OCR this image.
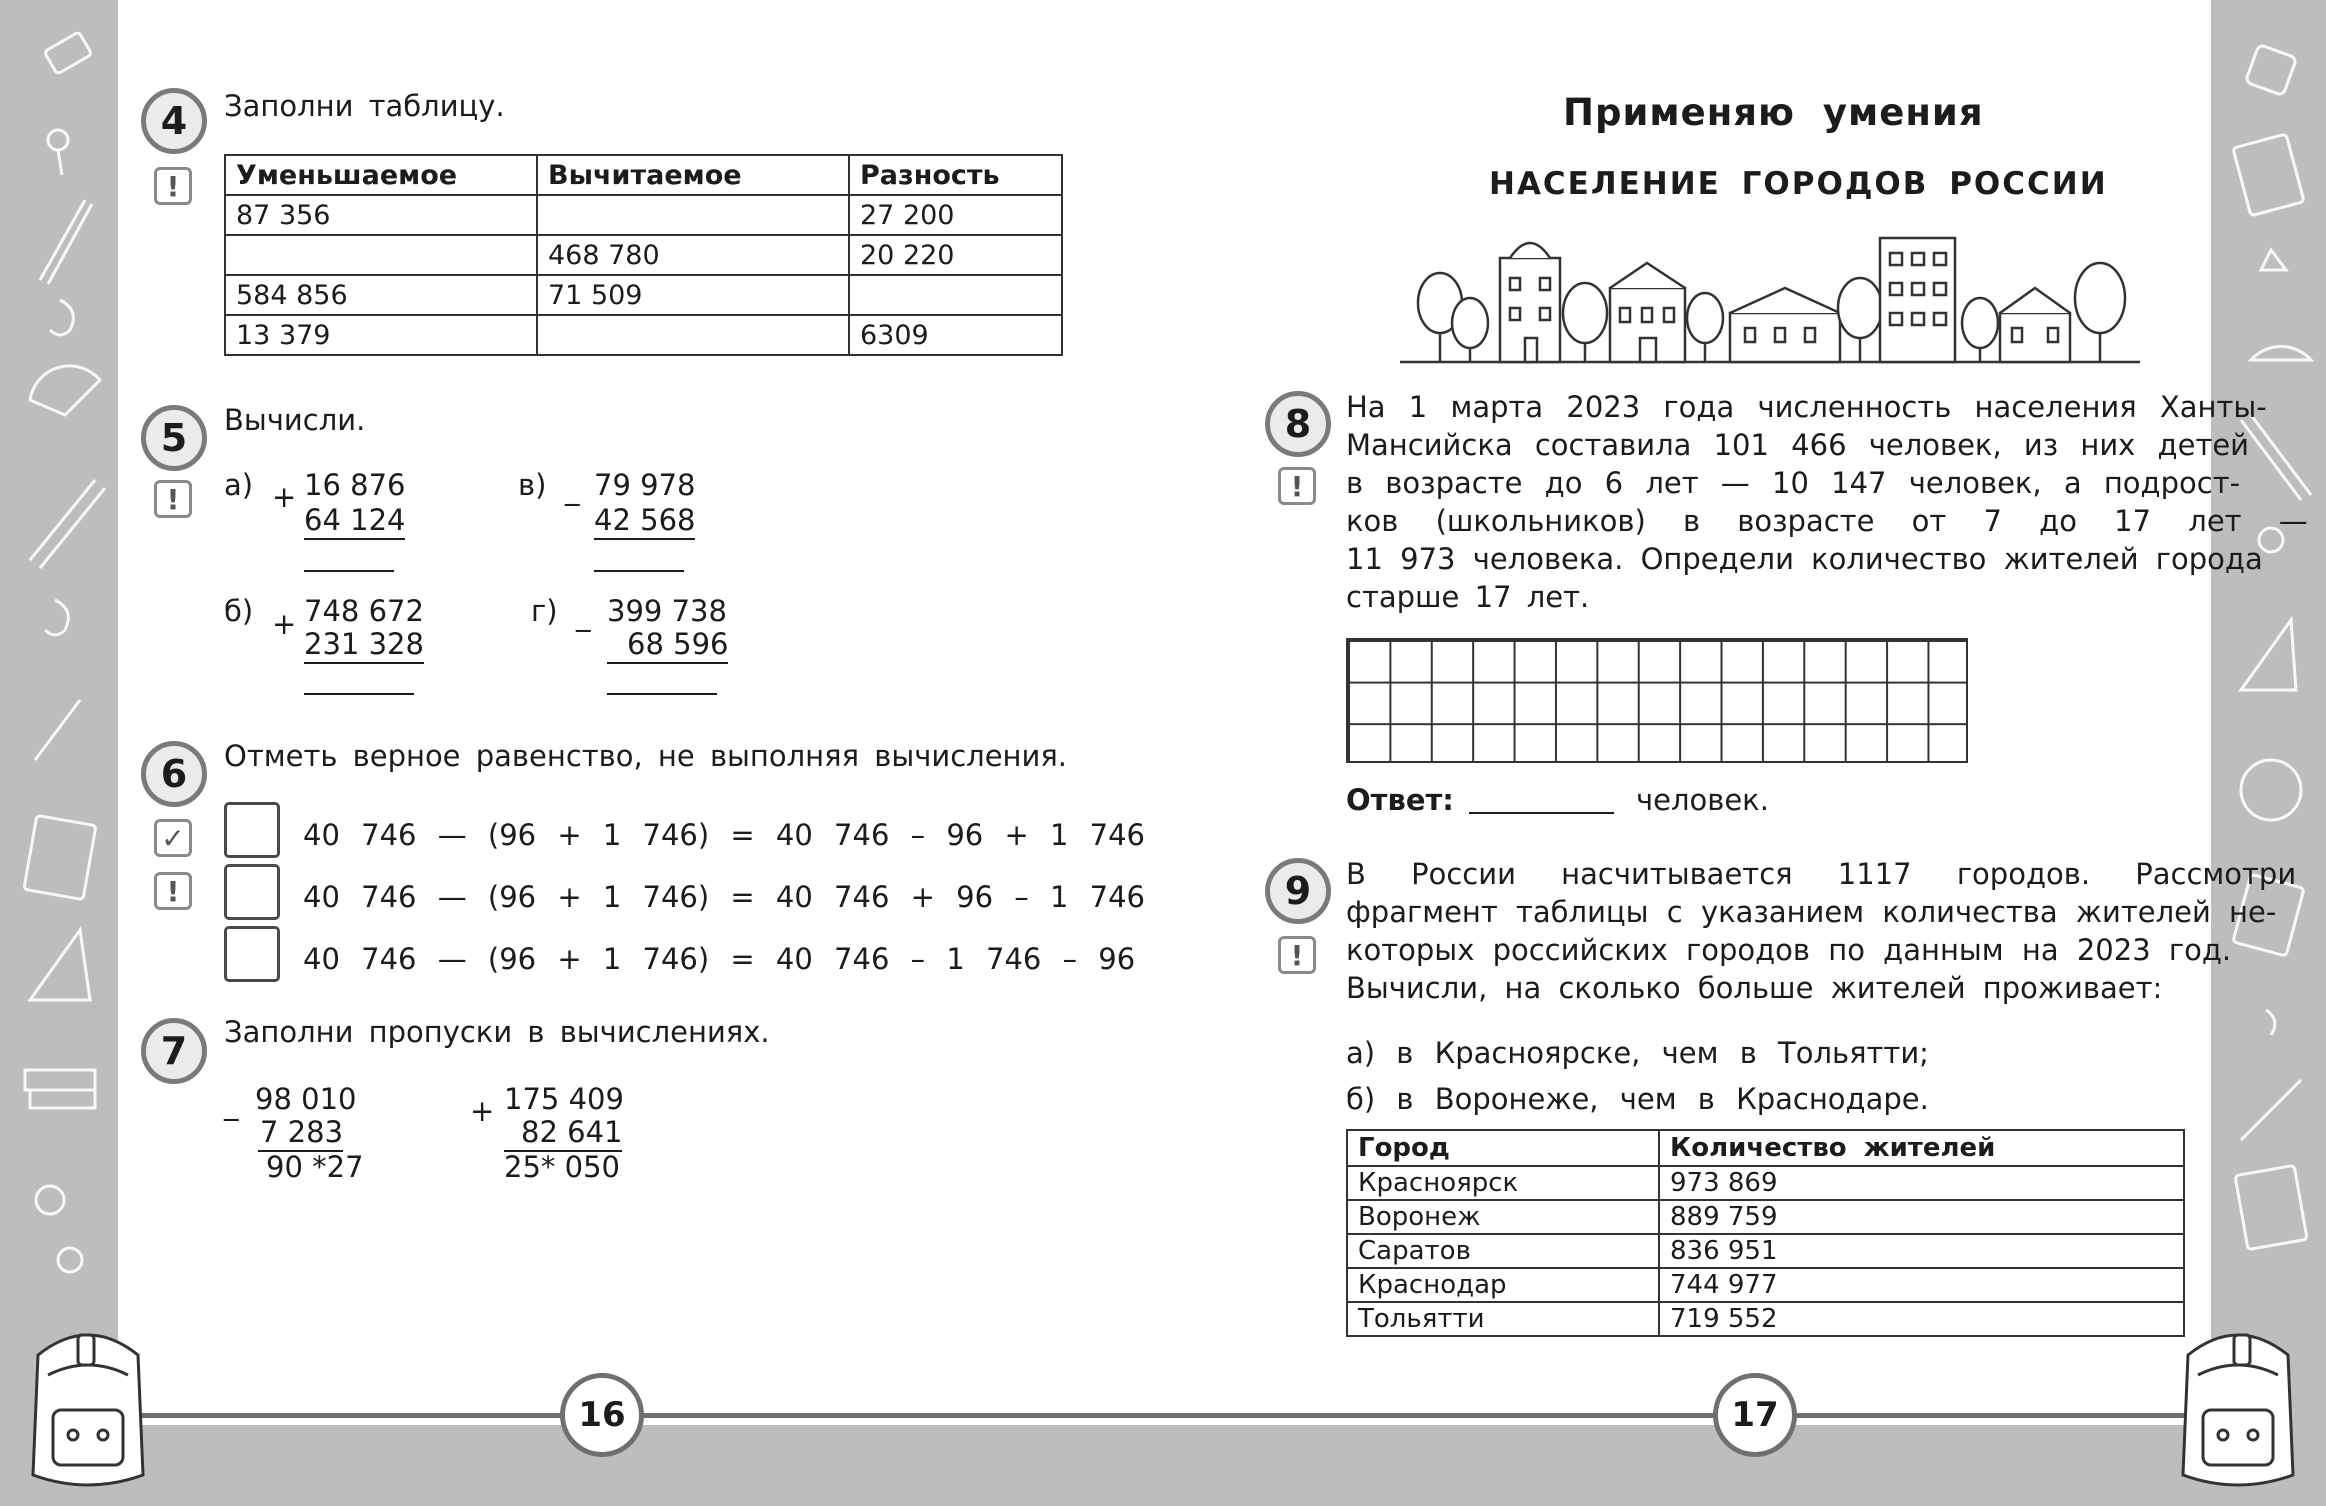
16	17
4
!
Заполни таблицу.
Уменьшаемое	Вычитаемое	Разность
87 356		27 200
	468 780	20 220
584 856	71 509	
13 379		6309
5
!
Вычисли.
а) + 16 876
64 124
в) _ 79 978
42 568
б) + 748 672
231 328
г) _ 399 738
68 596
6
✓
!
Отметь верное равенство, не выполняя вычисления.
40 746 — (96 + 1 746) = 40 746 – 96 + 1 746
40 746 — (96 + 1 746) = 40 746 + 96 – 1 746
40 746 — (96 + 1 746) = 40 746 – 1 746 – 96
7	Заполни пропуски в вычислениях.
_ 98 010
7 283
90 *27
+ 175 409
82 641
25* 050
Применяю умения
НАСЕЛЕНИЕ ГОРОДОВ РОССИИ
8
!
На 1 марта 2023 года численность населения Ханты-
Мансийска составила 101 466 человек, из них детей
в возрасте до 6 лет — 10 147 человек, а подрост-
ков (школьников) в возрасте от 7 до 17 лет —
11 973 человека. Определи количество жителей города
старше 17 лет.
Ответ:	человек.
9
!
В России насчитывается 1117 городов. Рассмотри
фрагмент таблицы с указанием количества жителей не-
которых российских городов по данным на 2023 год.
Вычисли, на сколько больше жителей проживает:
а) в Красноярске, чем в Тольятти;
б) в Воронеже, чем в Краснодаре.
Город	Количество жителей
Красноярск	973 869
Воронеж	889 759
Саратов	836 951
Краснодар	744 977
Тольятти	719 552
